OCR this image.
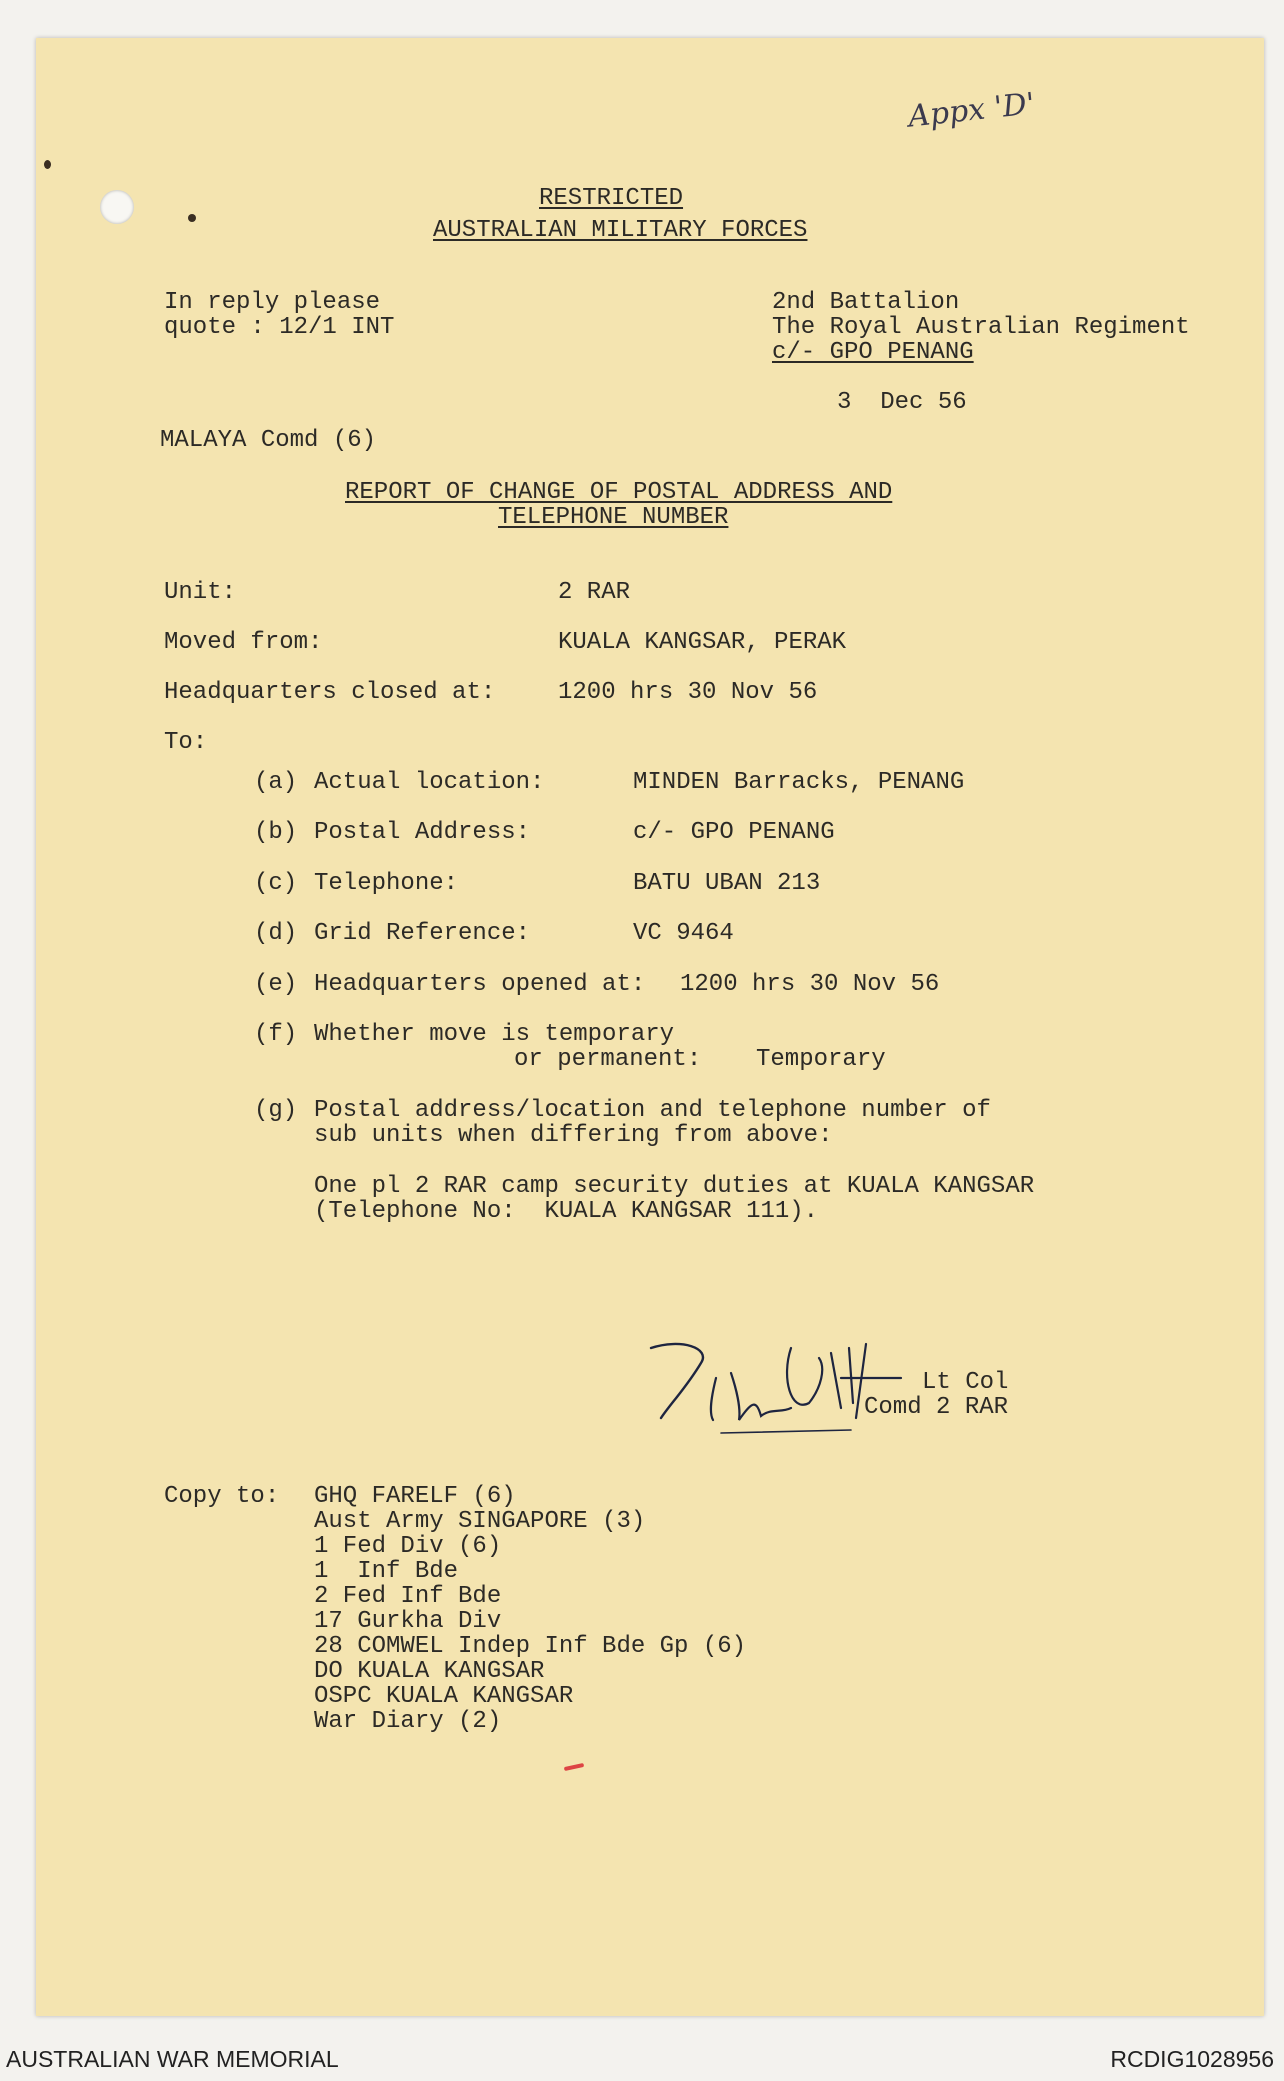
Appx 'D'
RESTRICTED
AUSTRALIAN MILITARY FORCES
In reply please
quote : 12/1 INT
2nd Battalion
The Royal Australian Regiment
c/- GPO PENANG
3  Dec 56
MALAYA Comd (6)
REPORT OF CHANGE OF POSTAL ADDRESS AND
TELEPHONE NUMBER
Unit:	2 RAR
Moved from:	KUALA KANGSAR, PERAK
Headquarters closed at:	1200 hrs 30 Nov 56
To:
(a) Actual location:	MINDEN Barracks, PENANG
(b) Postal Address:	c/- GPO PENANG
(c) Telephone:	BATU UBAN 213
(d) Grid Reference:	VC 9464
(e) Headquarters opened at: 1200 hrs 30 Nov 56
(f) Whether move is temporary
or permanent: Temporary
(g) Postal address/location and telephone number of
sub units when differing from above:
One pl 2 RAR camp security duties at KUALA KANGSAR
(Telephone No:  KUALA KANGSAR 111).
Lt Col
Comd 2 RAR
Copy to: GHQ FARELF (6)
Aust Army SINGAPORE (3)
1 Fed Div (6)
1  Inf Bde
2 Fed Inf Bde
17 Gurkha Div
28 COMWEL Indep Inf Bde Gp (6)
DO KUALA KANGSAR
OSPC KUALA KANGSAR
War Diary (2)
AUSTRALIAN WAR MEMORIAL	RCDIG1028956
